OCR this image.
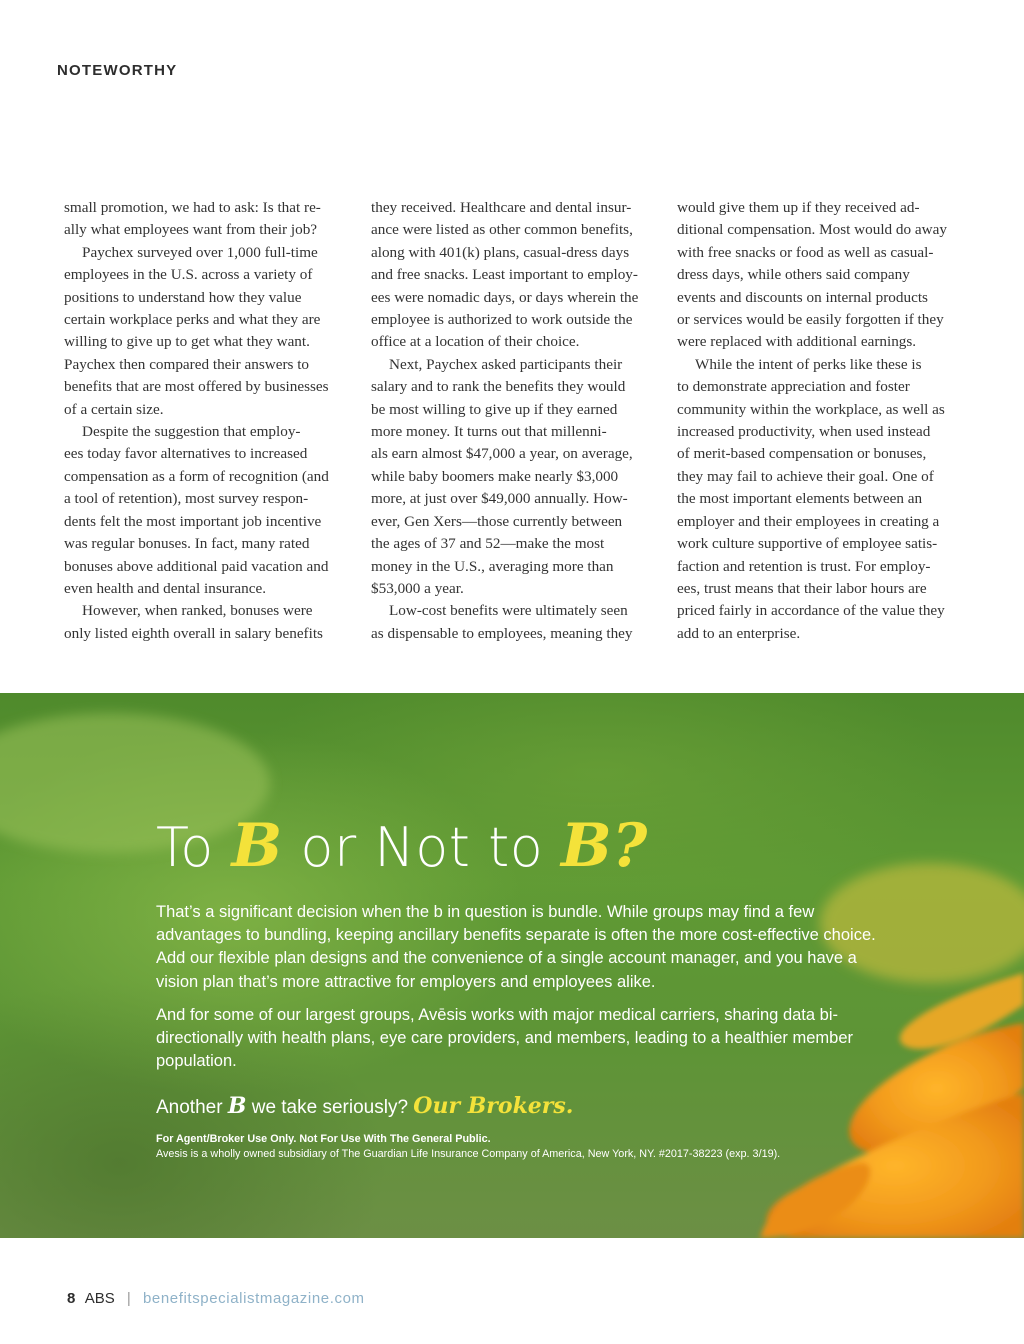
NOTEWORTHY

small promotion, we had to ask: Is that re-
ally what employees want from their job?

Paychex surveyed over 1,000 full-time
employees in the U.S. across a variety of
positions to understand how they value
certain workplace perks and what they are
willing to give up to get what they want.
Paychex then compared their answers to
benefits that are most offered by businesses
of a certain size.

Despite the suggestion that employ-
ees today favor alternatives to increased
compensation as a form of recognition (and
a tool of retention), most survey respon-
dents felt the most important job incentive
was regular bonuses. In fact, many rated
bonuses above additional paid vacation and
even health and dental insurance.

However, when ranked, bonuses were
only listed eighth overall in salary benefits

they received. Healthcare and dental insur-
ance were listed as other common benefits,
along with 401(k) plans, casual-dress days
and free snacks. Least important to employ-
ees were nomadic days, or days wherein the
employee is authorized to work outside the
office at a location of their choice.

Next, Paychex asked participants their
salary and to rank the benefits they would
be most willing to give up if they earned
more money. It turns out that millenni-
als earn almost $47,000 a year, on average,
while baby boomers make nearly $3,000
more, at just over $49,000 annually. How-
ever, Gen Xers—those currently between
the ages of 37 and 52—make the most
money in the U.S., averaging more than
$53,000 a year.

Low-cost benefits were ultimately seen
as dispensable to employees, meaning they

would give them up if they received ad-
ditional compensation. Most would do away
with free snacks or food as well as casual-
dress days, while others said company
events and discounts on internal products
or services would be easily forgotten if they
were replaced with additional earnings.

While the intent of perks like these is
to demonstrate appreciation and foster
community within the workplace, as well as
increased productivity, when used instead
of merit-based compensation or bonuses,
they may fail to achieve their goal. One of
the most important elements between an
employer and their employees in creating a
work culture supportive of employee satis-
faction and retention is trust. For employ-
ees, trust means that their labor hours are
priced fairly in accordance of the value they
add to an enterprise.

To B or Not to B?

That’s a significant decision when the b in question is bundle. While groups may find a few advantages to bundling, keeping ancillary benefits separate is often the more cost-effective choice. Add our flexible plan designs and the convenience of a single account manager, and you have a vision plan that’s more attractive for employers and employees alike.

And for some of our largest groups, Avēsis works with major medical carriers, sharing data bi-directionally with health plans, eye care providers, and members, leading to a healthier member population.

Another B we take seriously? Our Brokers.
For Agent/Broker Use Only. Not For Use With The General Public.
Avesis is a wholly owned subsidiary of The Guardian Life Insurance Company of America, New York, NY. #2017-38223 (exp. 3/19).
8 ABS | benefitspecialistmagazine.com
